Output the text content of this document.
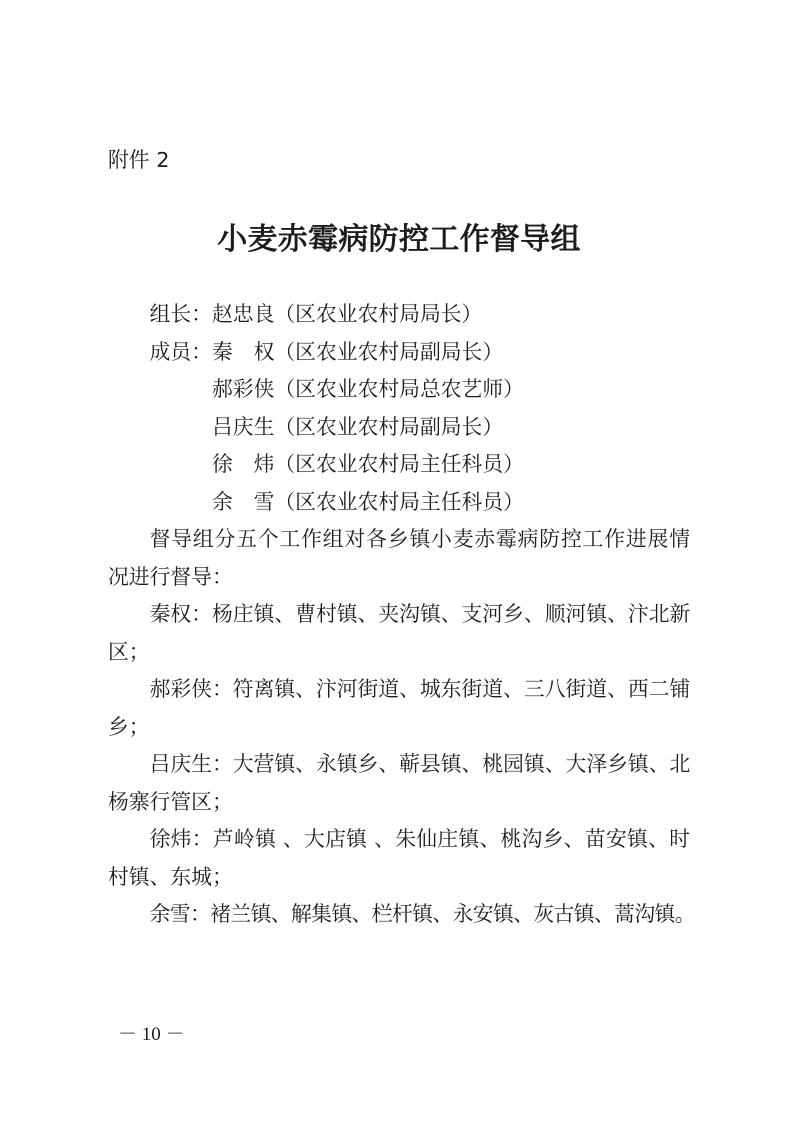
附件 2
小麦赤霉病防控工作督导组
组长：赵忠良（区农业农村局局长）
成员：秦　权（区农业农村局副局长）
郝彩侠（区农业农村局总农艺师）
吕庆生（区农业农村局副局长）
徐　炜（区农业农村局主任科员）
余　雪（区农业农村局主任科员）
督导组分五个工作组对各乡镇小麦赤霉病防控工作进展情
况进行督导：
秦权：杨庄镇、曹村镇、夹沟镇、支河乡、顺河镇、汴北新
区；
郝彩侠：符离镇、汴河街道、城东街道、三八街道、西二铺
乡；
吕庆生：大营镇、永镇乡、蕲县镇、桃园镇、大泽乡镇、北
杨寨行管区；
徐炜：芦岭镇 、大店镇 、朱仙庄镇、桃沟乡、苗安镇、时
村镇、东城；
余雪：褚兰镇、解集镇、栏杆镇、永安镇、灰古镇、蒿沟镇。
－ 10 －
